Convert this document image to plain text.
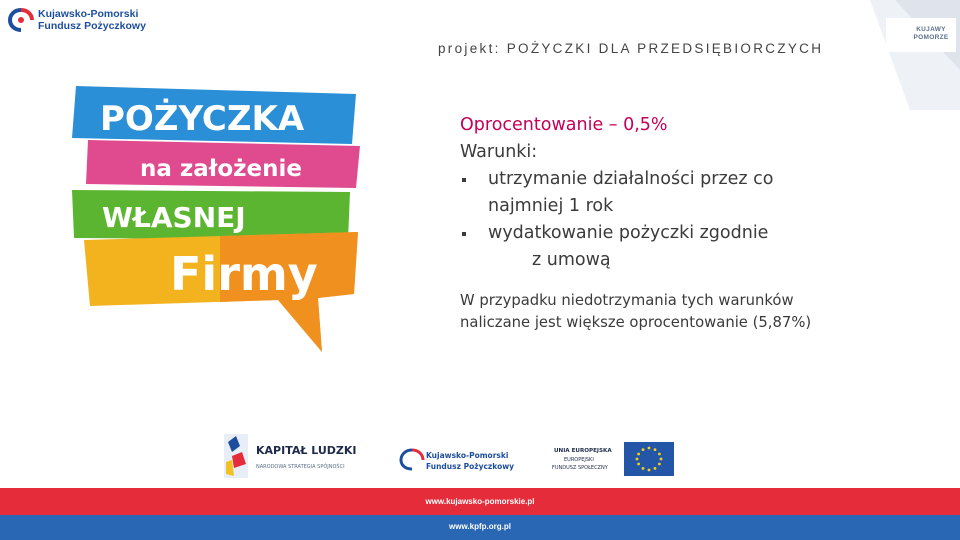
Kujawsko-Pomorski
Fundusz Pożyczkowy	KUJAWY
POMORZE
projekt: POŻYCZKI DLA PRZEDSIĘBIORCZYCH
POŻYCZKA
na założenie
WŁASNEJ
Firmy
Oprocentowanie – 0,5%
Warunki:
utrzymanie działalności przez co
najmniej 1 rok
wydatkowanie pożyczki zgodnie
z umową
W przypadku niedotrzymania tych warunków
naliczane jest większe oprocentowanie (5,87%)
KAPITAŁ LUDZKI
NARODOWA STRATEGIA SPÓJNOŚCI
Kujawsko-Pomorski
Fundusz Pożyczkowy
UNIA EUROPEJSKA
EUROPEJSKI
FUNDUSZ SPOŁECZNY
www.kujawsko-pomorskie.pl
www.kpfp.org.pl
